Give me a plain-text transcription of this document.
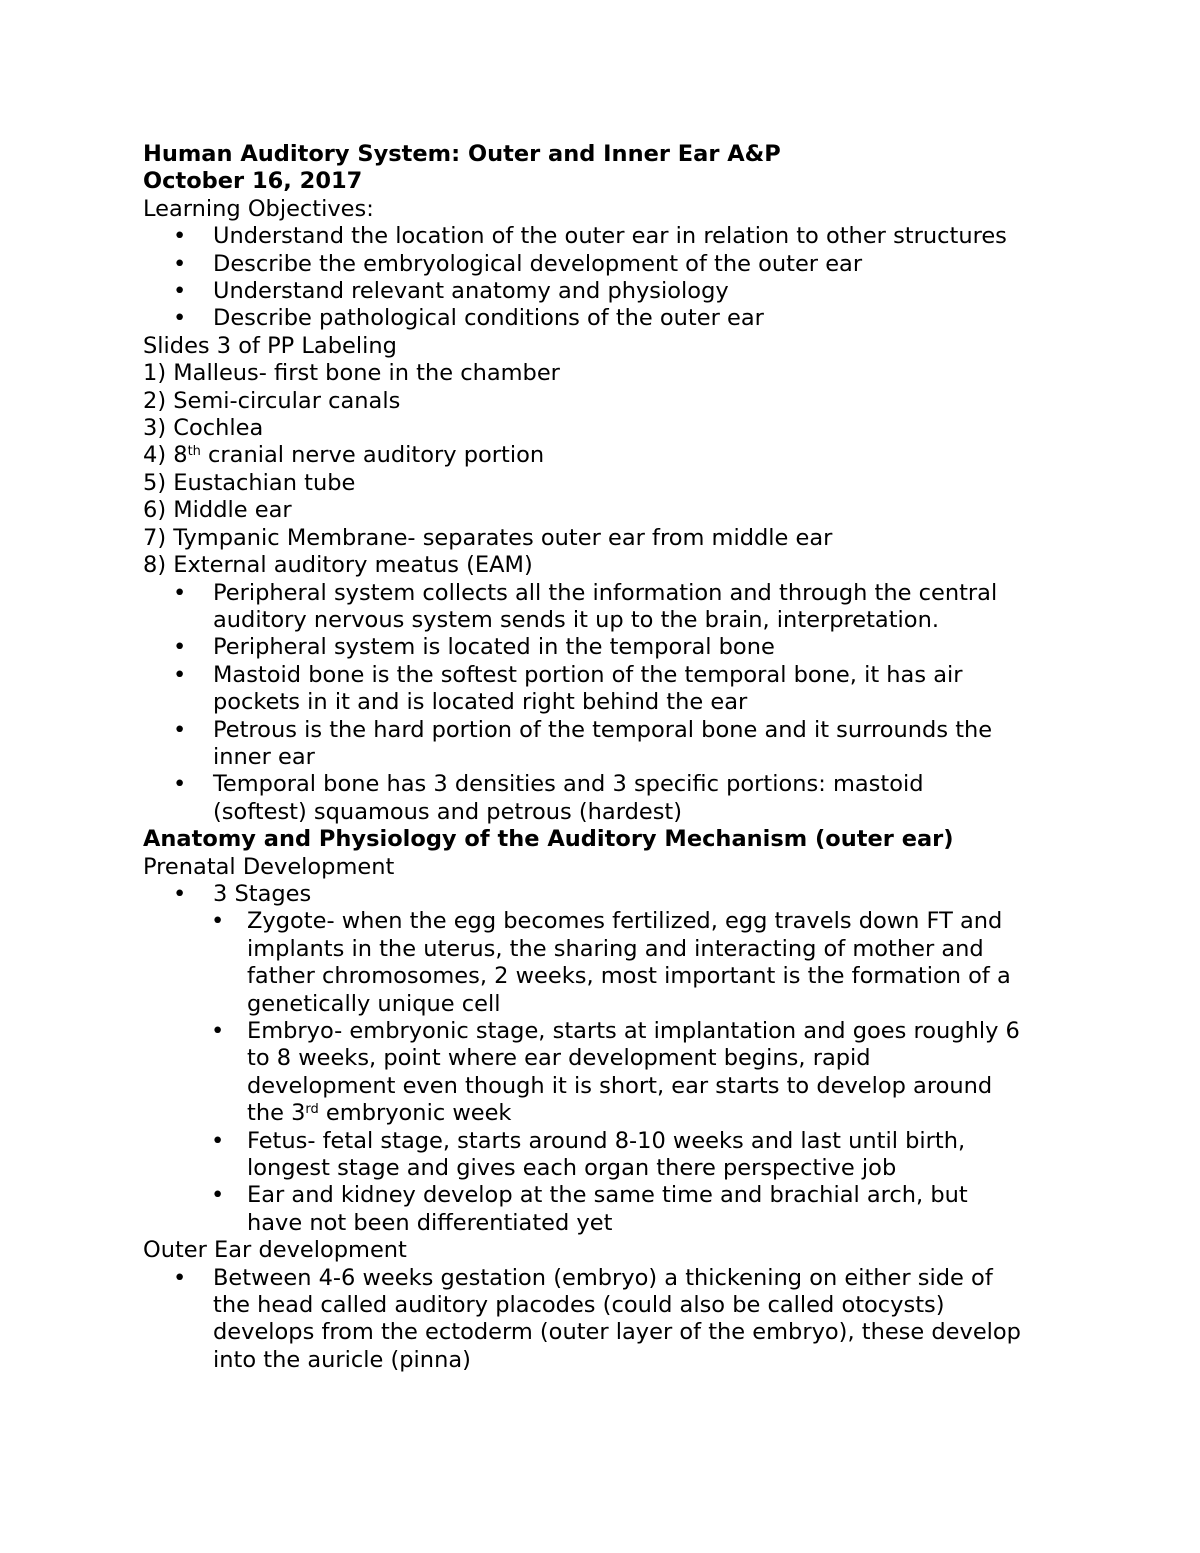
Human Auditory System: Outer and Inner Ear A&P
October 16, 2017
Learning Objectives:
• Understand the location of the outer ear in relation to other structures
• Describe the embryological development of the outer ear
• Understand relevant anatomy and physiology
• Describe pathological conditions of the outer ear
Slides 3 of PP Labeling
1) Malleus- first bone in the chamber
2) Semi-circular canals
3) Cochlea
4) 8th cranial nerve auditory portion
5) Eustachian tube
6) Middle ear
7) Tympanic Membrane- separates outer ear from middle ear
8) External auditory meatus (EAM)
• Peripheral system collects all the information and through the central
auditory nervous system sends it up to the brain, interpretation.
• Peripheral system is located in the temporal bone
• Mastoid bone is the softest portion of the temporal bone, it has air
pockets in it and is located right behind the ear
• Petrous is the hard portion of the temporal bone and it surrounds the
inner ear
• Temporal bone has 3 densities and 3 specific portions: mastoid
(softest) squamous and petrous (hardest)
Anatomy and Physiology of the Auditory Mechanism (outer ear)
Prenatal Development
• 3 Stages
• Zygote- when the egg becomes fertilized, egg travels down FT and
implants in the uterus, the sharing and interacting of mother and
father chromosomes, 2 weeks, most important is the formation of a
genetically unique cell
• Embryo- embryonic stage, starts at implantation and goes roughly 6
to 8 weeks, point where ear development begins, rapid
development even though it is short, ear starts to develop around
the 3rd embryonic week
• Fetus- fetal stage, starts around 8-10 weeks and last until birth,
longest stage and gives each organ there perspective job
• Ear and kidney develop at the same time and brachial arch, but
have not been differentiated yet
Outer Ear development
• Between 4-6 weeks gestation (embryo) a thickening on either side of
the head called auditory placodes (could also be called otocysts)
develops from the ectoderm (outer layer of the embryo), these develop
into the auricle (pinna)
